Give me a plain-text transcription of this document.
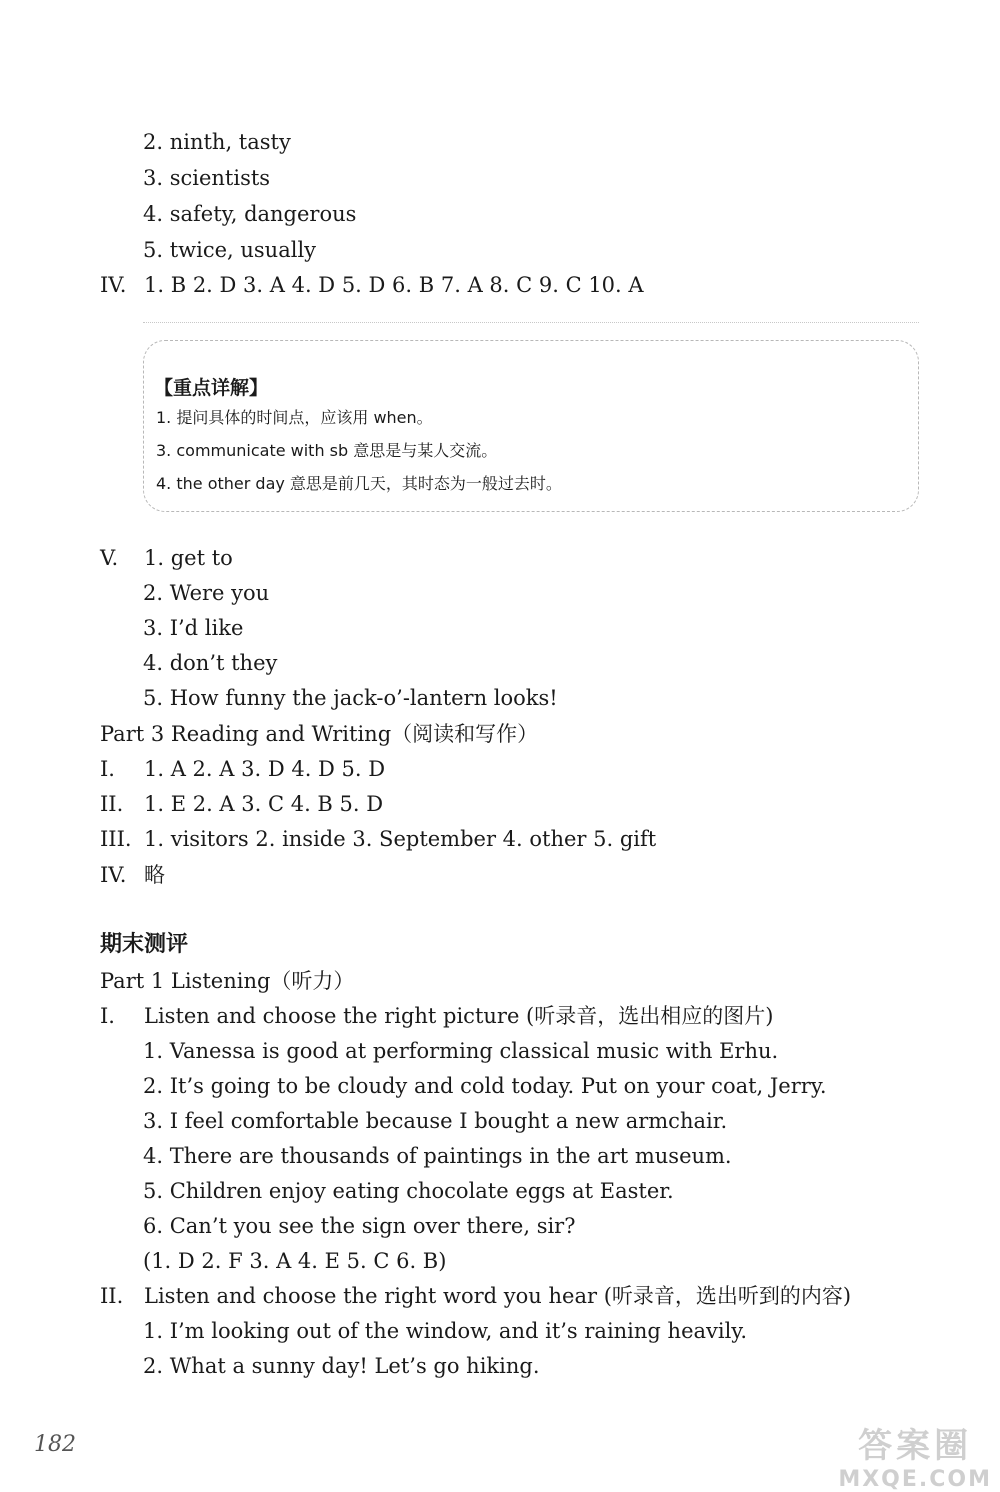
2. ninth, tasty
3. scientists
4. safety, dangerous
5. twice, usually
IV. 1. B 2. D 3. A 4. D 5. D 6. B 7. A 8. C 9. C 10. A
【重点详解】
1. 提问具体的时间点，应该用 when。
3. communicate with sb 意思是与某人交流。
4. the other day 意思是前几天，其时态为一般过去时。
V. 1. get to
2. Were you
3. I’d like
4. don’t they
5. How funny the jack-o’-lantern looks!
Part 3 Reading and Writing（阅读和写作）
I. 1. A 2. A 3. D 4. D 5. D
II. 1. E 2. A 3. C 4. B 5. D
III. 1. visitors 2. inside 3. September 4. other 5. gift
IV. 略
期末测评
Part 1 Listening（听力）
I. Listen and choose the right picture (听录音，选出相应的图片)
1. Vanessa is good at performing classical music with Erhu.
2. It’s going to be cloudy and cold today. Put on your coat, Jerry.
3. I feel comfortable because I bought a new armchair.
4. There are thousands of paintings in the art museum.
5. Children enjoy eating chocolate eggs at Easter.
6. Can’t you see the sign over there, sir?
(1. D 2. F 3. A 4. E 5. C 6. B)
II. Listen and choose the right word you hear (听录音，选出听到的内容)
1. I’m looking out of the window, and it’s raining heavily.
2. What a sunny day! Let’s go hiking.
182	答案圈
MXQE.COM
